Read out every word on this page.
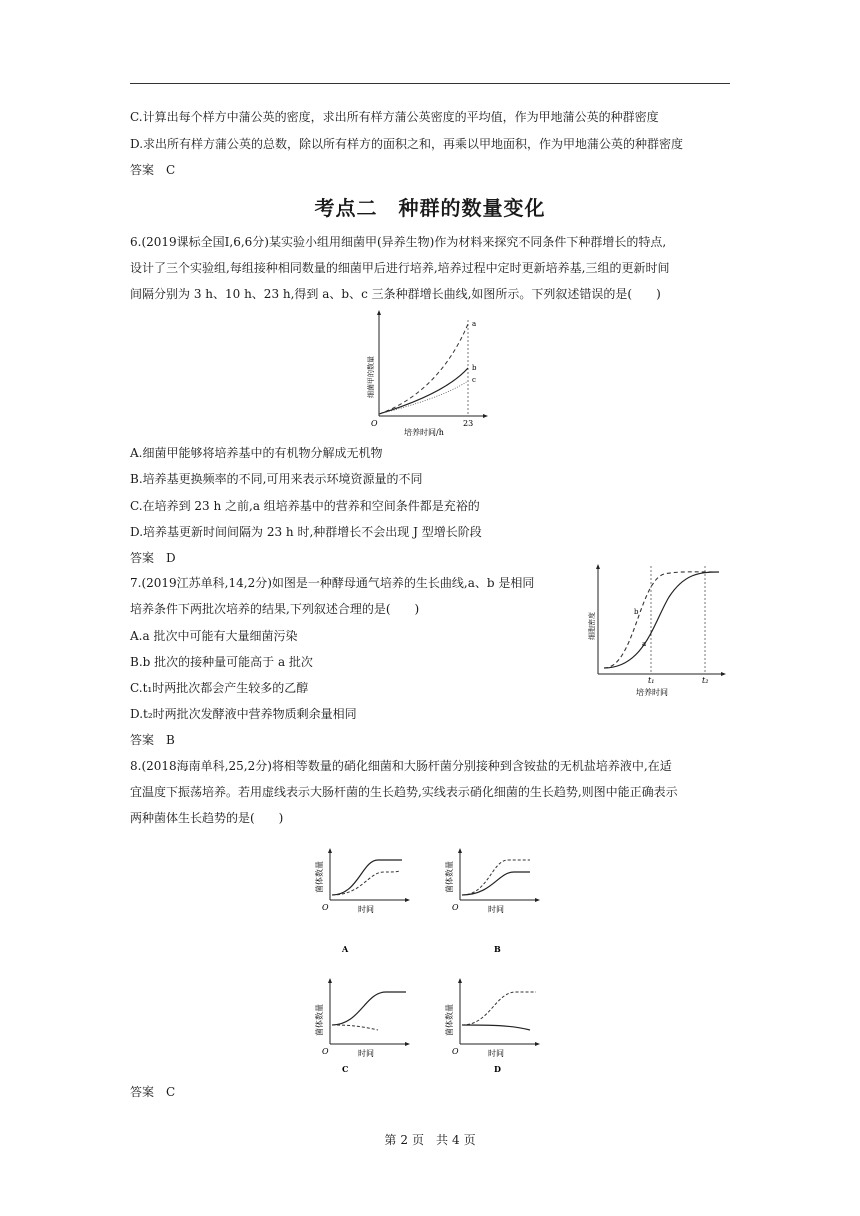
C.计算出每个样方中蒲公英的密度，求出所有样方蒲公英密度的平均值，作为甲地蒲公英的种群密度
D.求出所有样方蒲公英的总数，除以所有样方的面积之和，再乘以甲地面积，作为甲地蒲公英的种群密度
答案　C
考点二　种群的数量变化
6.(2019课标全国Ⅰ,6,6分)某实验小组用细菌甲(异养生物)作为材料来探究不同条件下种群增长的特点,
设计了三个实验组,每组接种相同数量的细菌甲后进行培养,培养过程中定时更新培养基,三组的更新时间
间隔分别为 3 h、10 h、23 h,得到 a、b、c 三条种群增长曲线,如图所示。下列叙述错误的是(　　)
a
b
c
O	23
培养时间/h
细菌甲的数量
A.细菌甲能够将培养基中的有机物分解成无机物
B.培养基更换频率的不同,可用来表示环境资源量的不同
C.在培养到 23 h 之前,a 组培养基中的营养和空间条件都是充裕的
D.培养基更新时间间隔为 23 h 时,种群增长不会出现 J 型增长阶段
答案　D
7.(2019江苏单科,14,2分)如图是一种酵母通气培养的生长曲线,a、b 是相同
培养条件下两批次培养的结果,下列叙述合理的是(　　)	b
a
t₁	t₂
培养时间
细胞密度
A.a 批次中可能有大量细菌污染
B.b 批次的接种量可能高于 a 批次
C.t₁时两批次都会产生较多的乙醇
D.t₂时两批次发酵液中营养物质剩余量相同
答案　B
8.(2018海南单科,25,2分)将相等数量的硝化细菌和大肠杆菌分别接种到含铵盐的无机盐培养液中,在适
宜温度下振荡培养。若用虚线表示大肠杆菌的生长趋势,实线表示硝化细菌的生长趋势,则图中能正确表示
两种菌体生长趋势的是(　　)
O	时间
菌体数量
A
O	时间
菌体数量
B
O	时间
菌体数量
C
O	时间
菌体数量
D
答案　C
第 2 页　共 4 页
